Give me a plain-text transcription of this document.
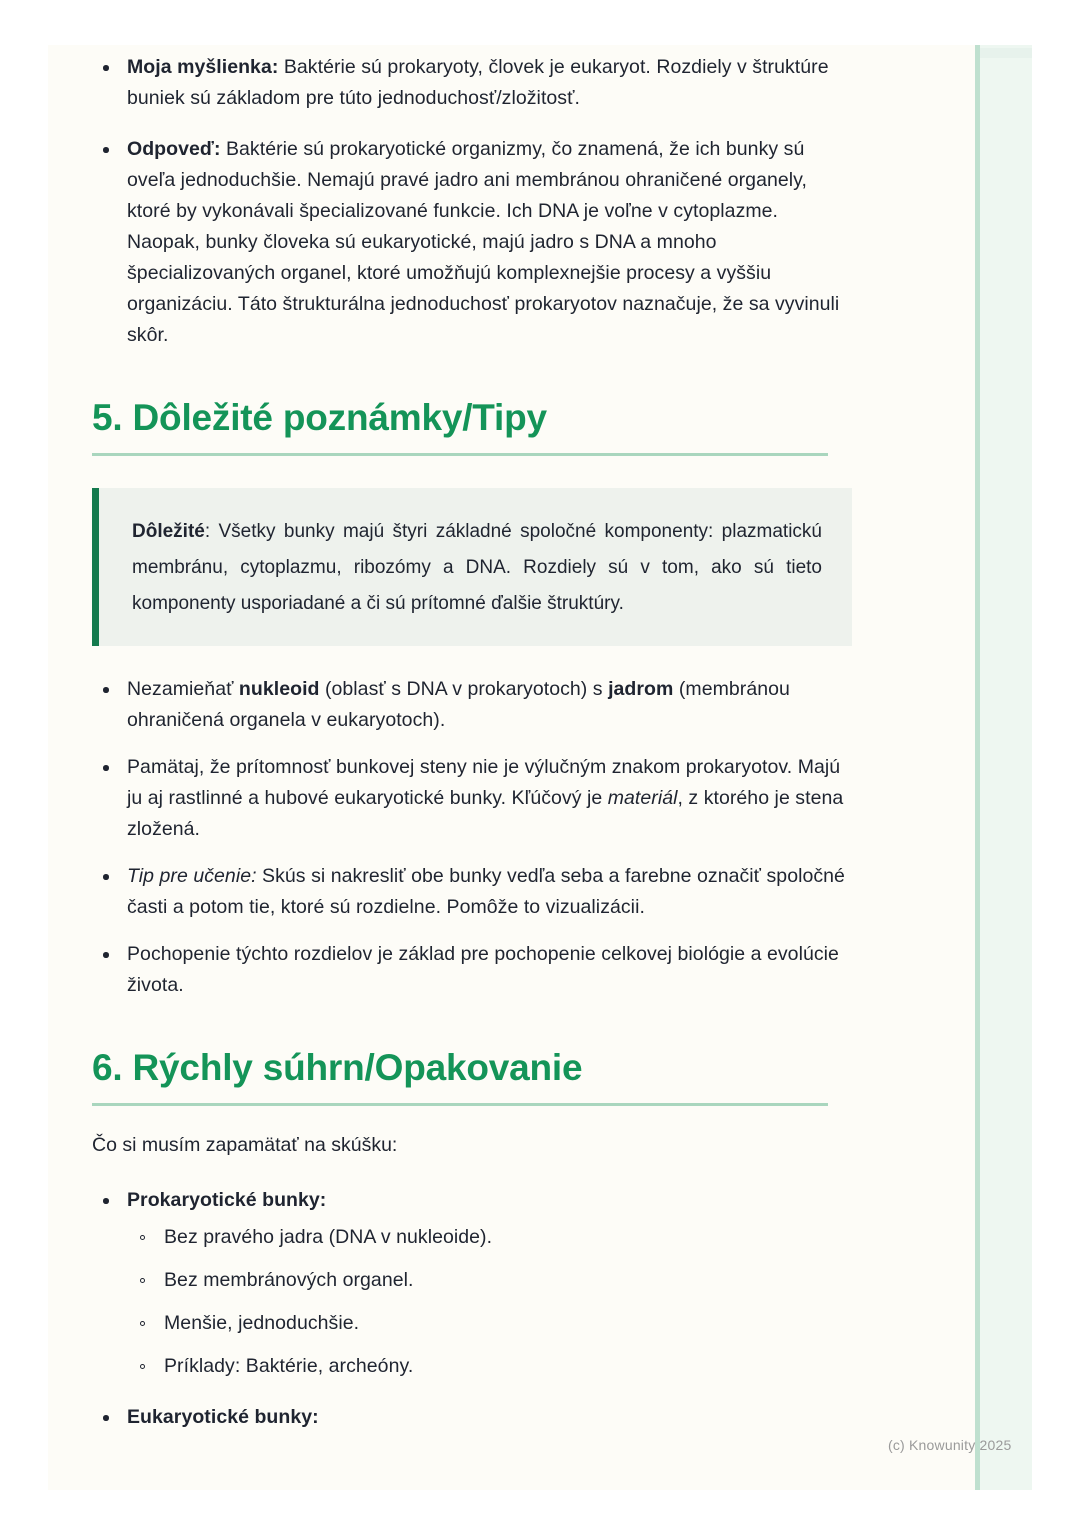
Moja myšlienka: Baktérie sú prokaryoty, človek je eukaryot. Rozdiely v štruktúre buniek sú základom pre túto jednoduchosť/zložitosť.
Odpoveď: Baktérie sú prokaryotické organizmy, čo znamená, že ich bunky sú oveľa jednoduchšie. Nemajú pravé jadro ani membránou ohraničené organely, ktoré by vykonávali špecializované funkcie. Ich DNA je voľne v cytoplazme. Naopak, bunky človeka sú eukaryotické, majú jadro s DNA a mnoho špecializovaných organel, ktoré umožňujú komplexnejšie procesy a vyššiu organizáciu. Táto štrukturálna jednoduchosť prokaryotov naznačuje, že sa vyvinuli skôr.
5. Dôležité poznámky/Tipy

Dôležité: Všetky bunky majú štyri základné spoločné komponenty: plazmatickú membránu, cytoplazmu, ribozómy a DNA. Rozdiely sú v tom, ako sú tieto komponenty usporiadané a či sú prítomné ďalšie štruktúry.

Nezamieňať nukleoid (oblasť s DNA v prokaryotoch) s jadrom (membránou ohraničená organela v eukaryotoch).
Pamätaj, že prítomnosť bunkovej steny nie je výlučným znakom prokaryotov. Majú ju aj rastlinné a hubové eukaryotické bunky. Kľúčový je materiál, z ktorého je stena zložená.
Tip pre učenie: Skús si nakresliť obe bunky vedľa seba a farebne označiť spoločné časti a potom tie, ktoré sú rozdielne. Pomôže to vizualizácii.
Pochopenie týchto rozdielov je základ pre pochopenie celkovej biológie a evolúcie života.
6. Rýchly súhrn/Opakovanie

Čo si musím zapamätať na skúšku:

Prokaryotické bunky:
Bez pravého jadra (DNA v nukleoide).
Bez membránových organel.
Menšie, jednoduchšie.
Príklady: Baktérie, archeóny.
Eukaryotické bunky:
(c) Knowunity 2025
